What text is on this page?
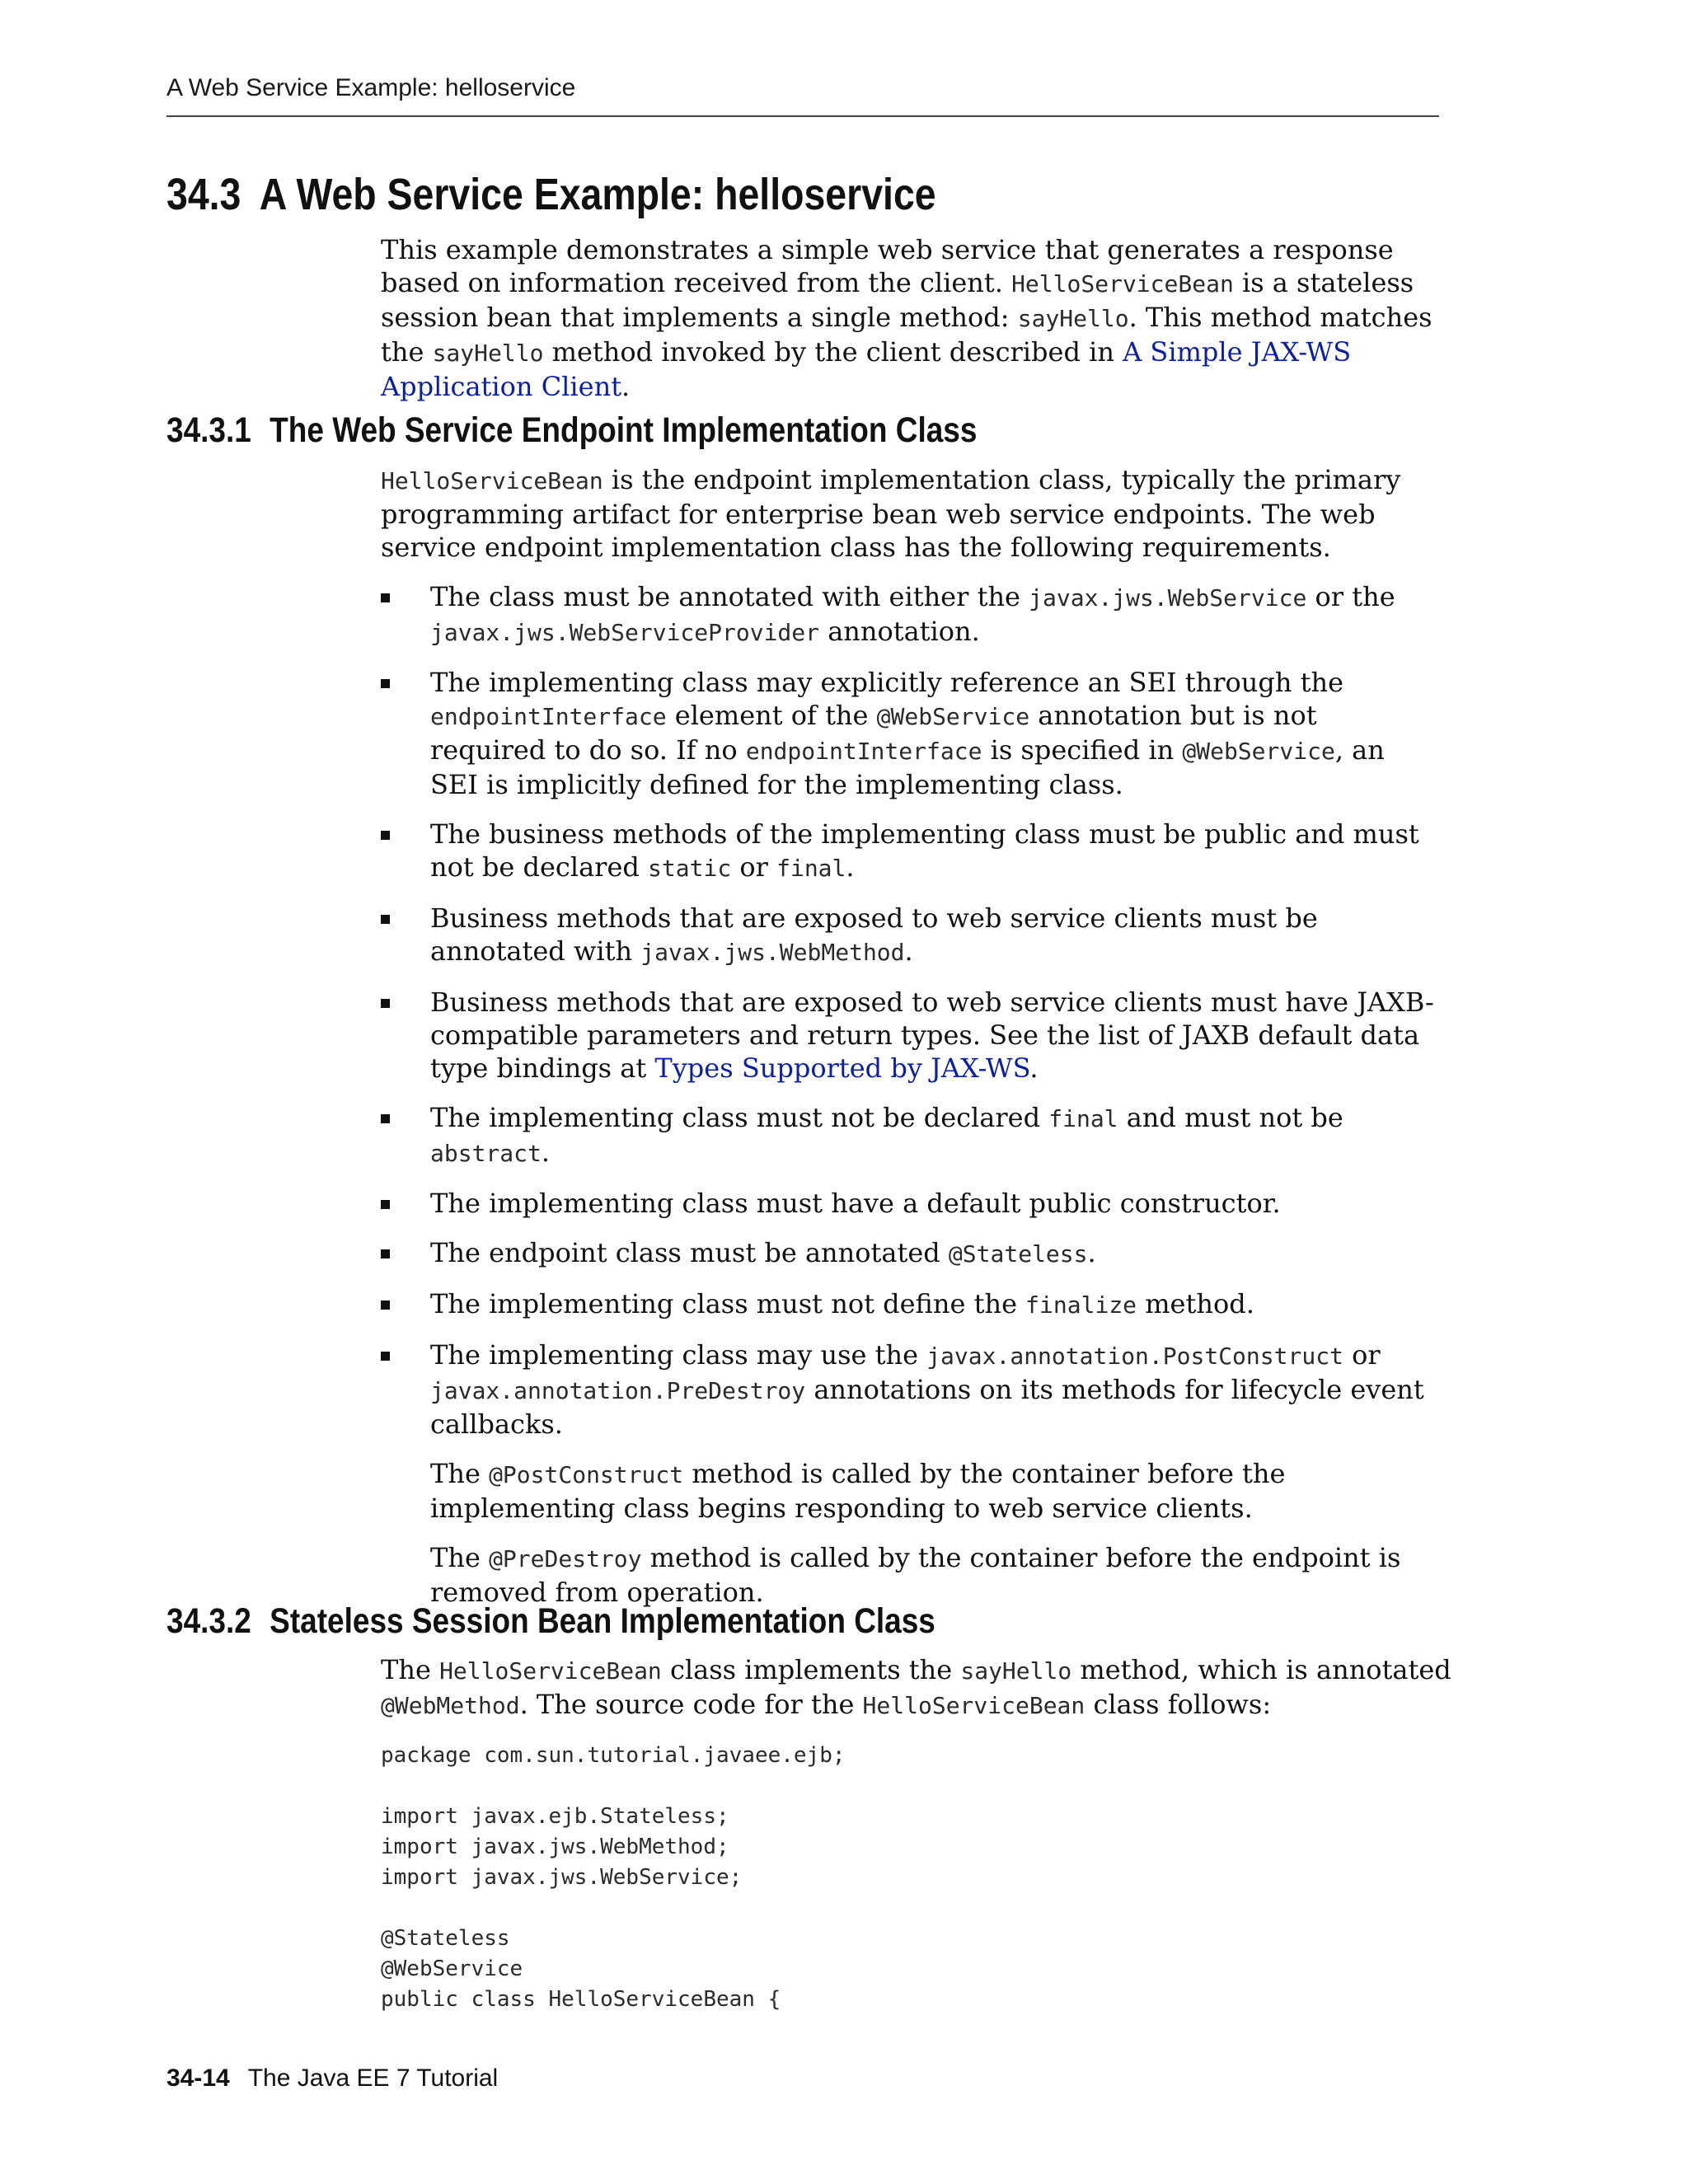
A Web Service Example: helloservice
34.3 A Web Service Example: helloservice

This example demonstrates a simple web service that generates a response based on information received from the client. HelloServiceBean is a stateless session bean that implements a single method: sayHello. This method matches the sayHello method invoked by the client described in A Simple JAX-WS Application Client.

34.3.1 The Web Service Endpoint Implementation Class

HelloServiceBean is the endpoint implementation class, typically the primary programming artifact for enterprise bean web service endpoints. The web service endpoint implementation class has the following requirements.

The class must be annotated with either the javax.jws.WebService or the javax.jws.WebServiceProvider annotation.
The implementing class may explicitly reference an SEI through the endpointInterface element of the @WebService annotation but is not required to do so. If no endpointInterface is specified in @WebService, an SEI is implicitly defined for the implementing class.
The business methods of the implementing class must be public and must not be declared static or final.
Business methods that are exposed to web service clients must be annotated with javax.jws.WebMethod.
Business methods that are exposed to web service clients must have JAXB-compatible parameters and return types. See the list of JAXB default data type bindings at Types Supported by JAX-WS.
The implementing class must not be declared final and must not be abstract.
The implementing class must have a default public constructor.
The endpoint class must be annotated @Stateless.
The implementing class must not define the finalize method.

The implementing class may use the javax.annotation.PostConstruct or javax.annotation.PreDestroy annotations on its methods for lifecycle event callbacks.

The @PostConstruct method is called by the container before the implementing class begins responding to web service clients.

The @PreDestroy method is called by the container before the endpoint is removed from operation.

34.3.2 Stateless Session Bean Implementation Class

The HelloServiceBean class implements the sayHello method, which is annotated @WebMethod. The source code for the HelloServiceBean class follows:

package com.sun.tutorial.javaee.ejb;

import javax.ejb.Stateless;
import javax.jws.WebMethod;
import javax.jws.WebService;

@Stateless
@WebService
public class HelloServiceBean {
34-14 The Java EE 7 Tutorial
